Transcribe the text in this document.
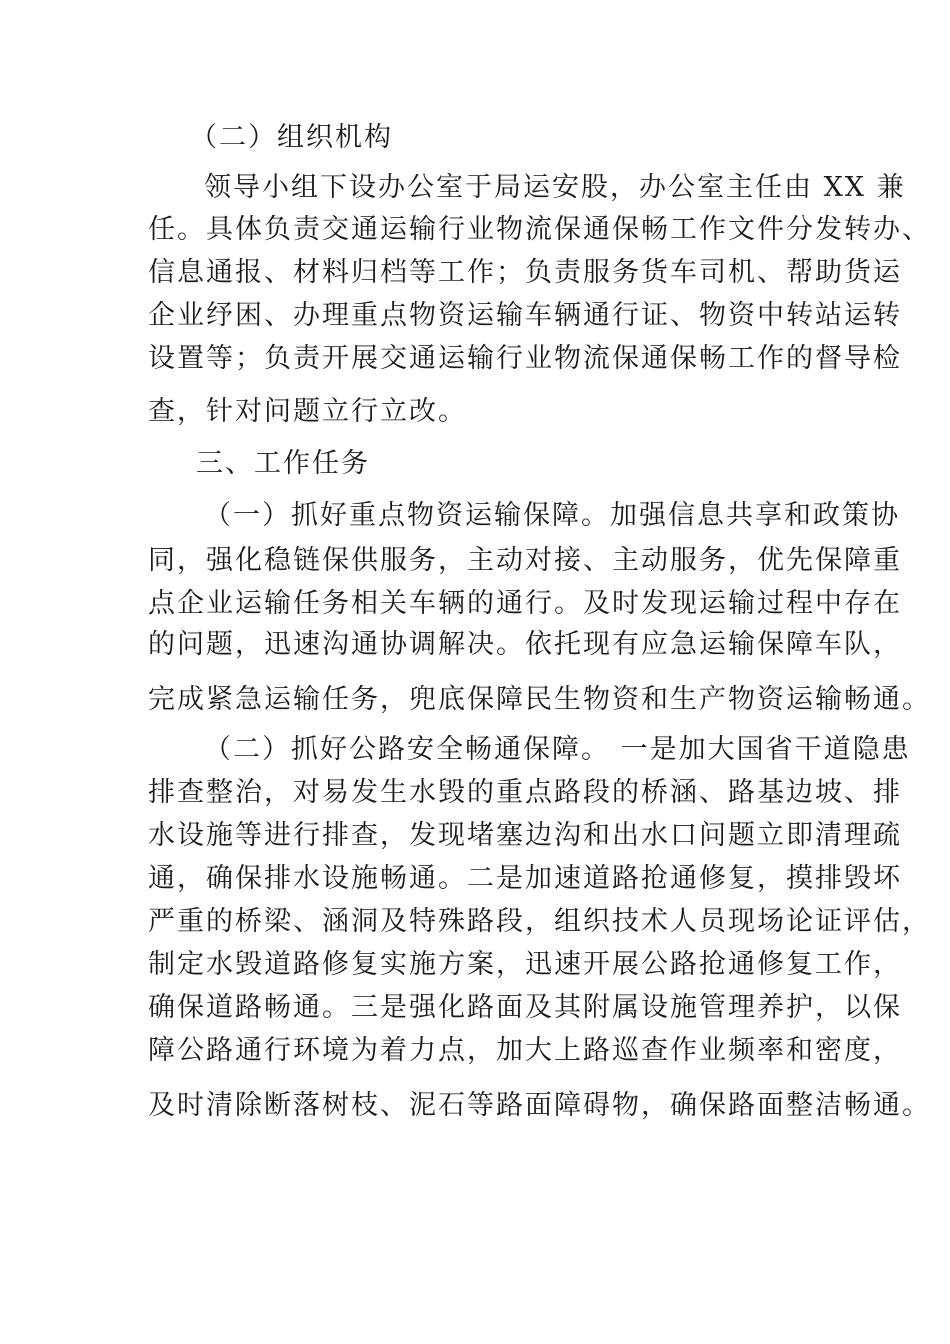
（二）组织机构
领导小组下设办公室于局运安股，办公室主任由 XX 兼
任。具体负责交通运输行业物流保通保畅工作文件分发转办、
信息通报、材料归档等工作；负责服务货车司机、帮助货运
企业纾困、办理重点物资运输车辆通行证、物资中转站运转
设置等；负责开展交通运输行业物流保通保畅工作的督导检
查，针对问题立行立改。
三、工作任务
（一）抓好重点物资运输保障。加强信息共享和政策协
同，强化稳链保供服务，主动对接、主动服务，优先保障重
点企业运输任务相关车辆的通行。及时发现运输过程中存在
的问题，迅速沟通协调解决。依托现有应急运输保障车队，
完成紧急运输任务，兜底保障民生物资和生产物资运输畅通。
（二）抓好公路安全畅通保障。 一是加大国省干道隐患
排查整治，对易发生水毁的重点路段的桥涵、路基边坡、排
水设施等进行排查，发现堵塞边沟和出水口问题立即清理疏
通，确保排水设施畅通。二是加速道路抢通修复，摸排毁坏
严重的桥梁、涵洞及特殊路段，组织技术人员现场论证评估，
制定水毁道路修复实施方案，迅速开展公路抢通修复工作，
确保道路畅通。三是强化路面及其附属设施管理养护，以保
障公路通行环境为着力点，加大上路巡查作业频率和密度，
及时清除断落树枝、泥石等路面障碍物，确保路面整洁畅通。
